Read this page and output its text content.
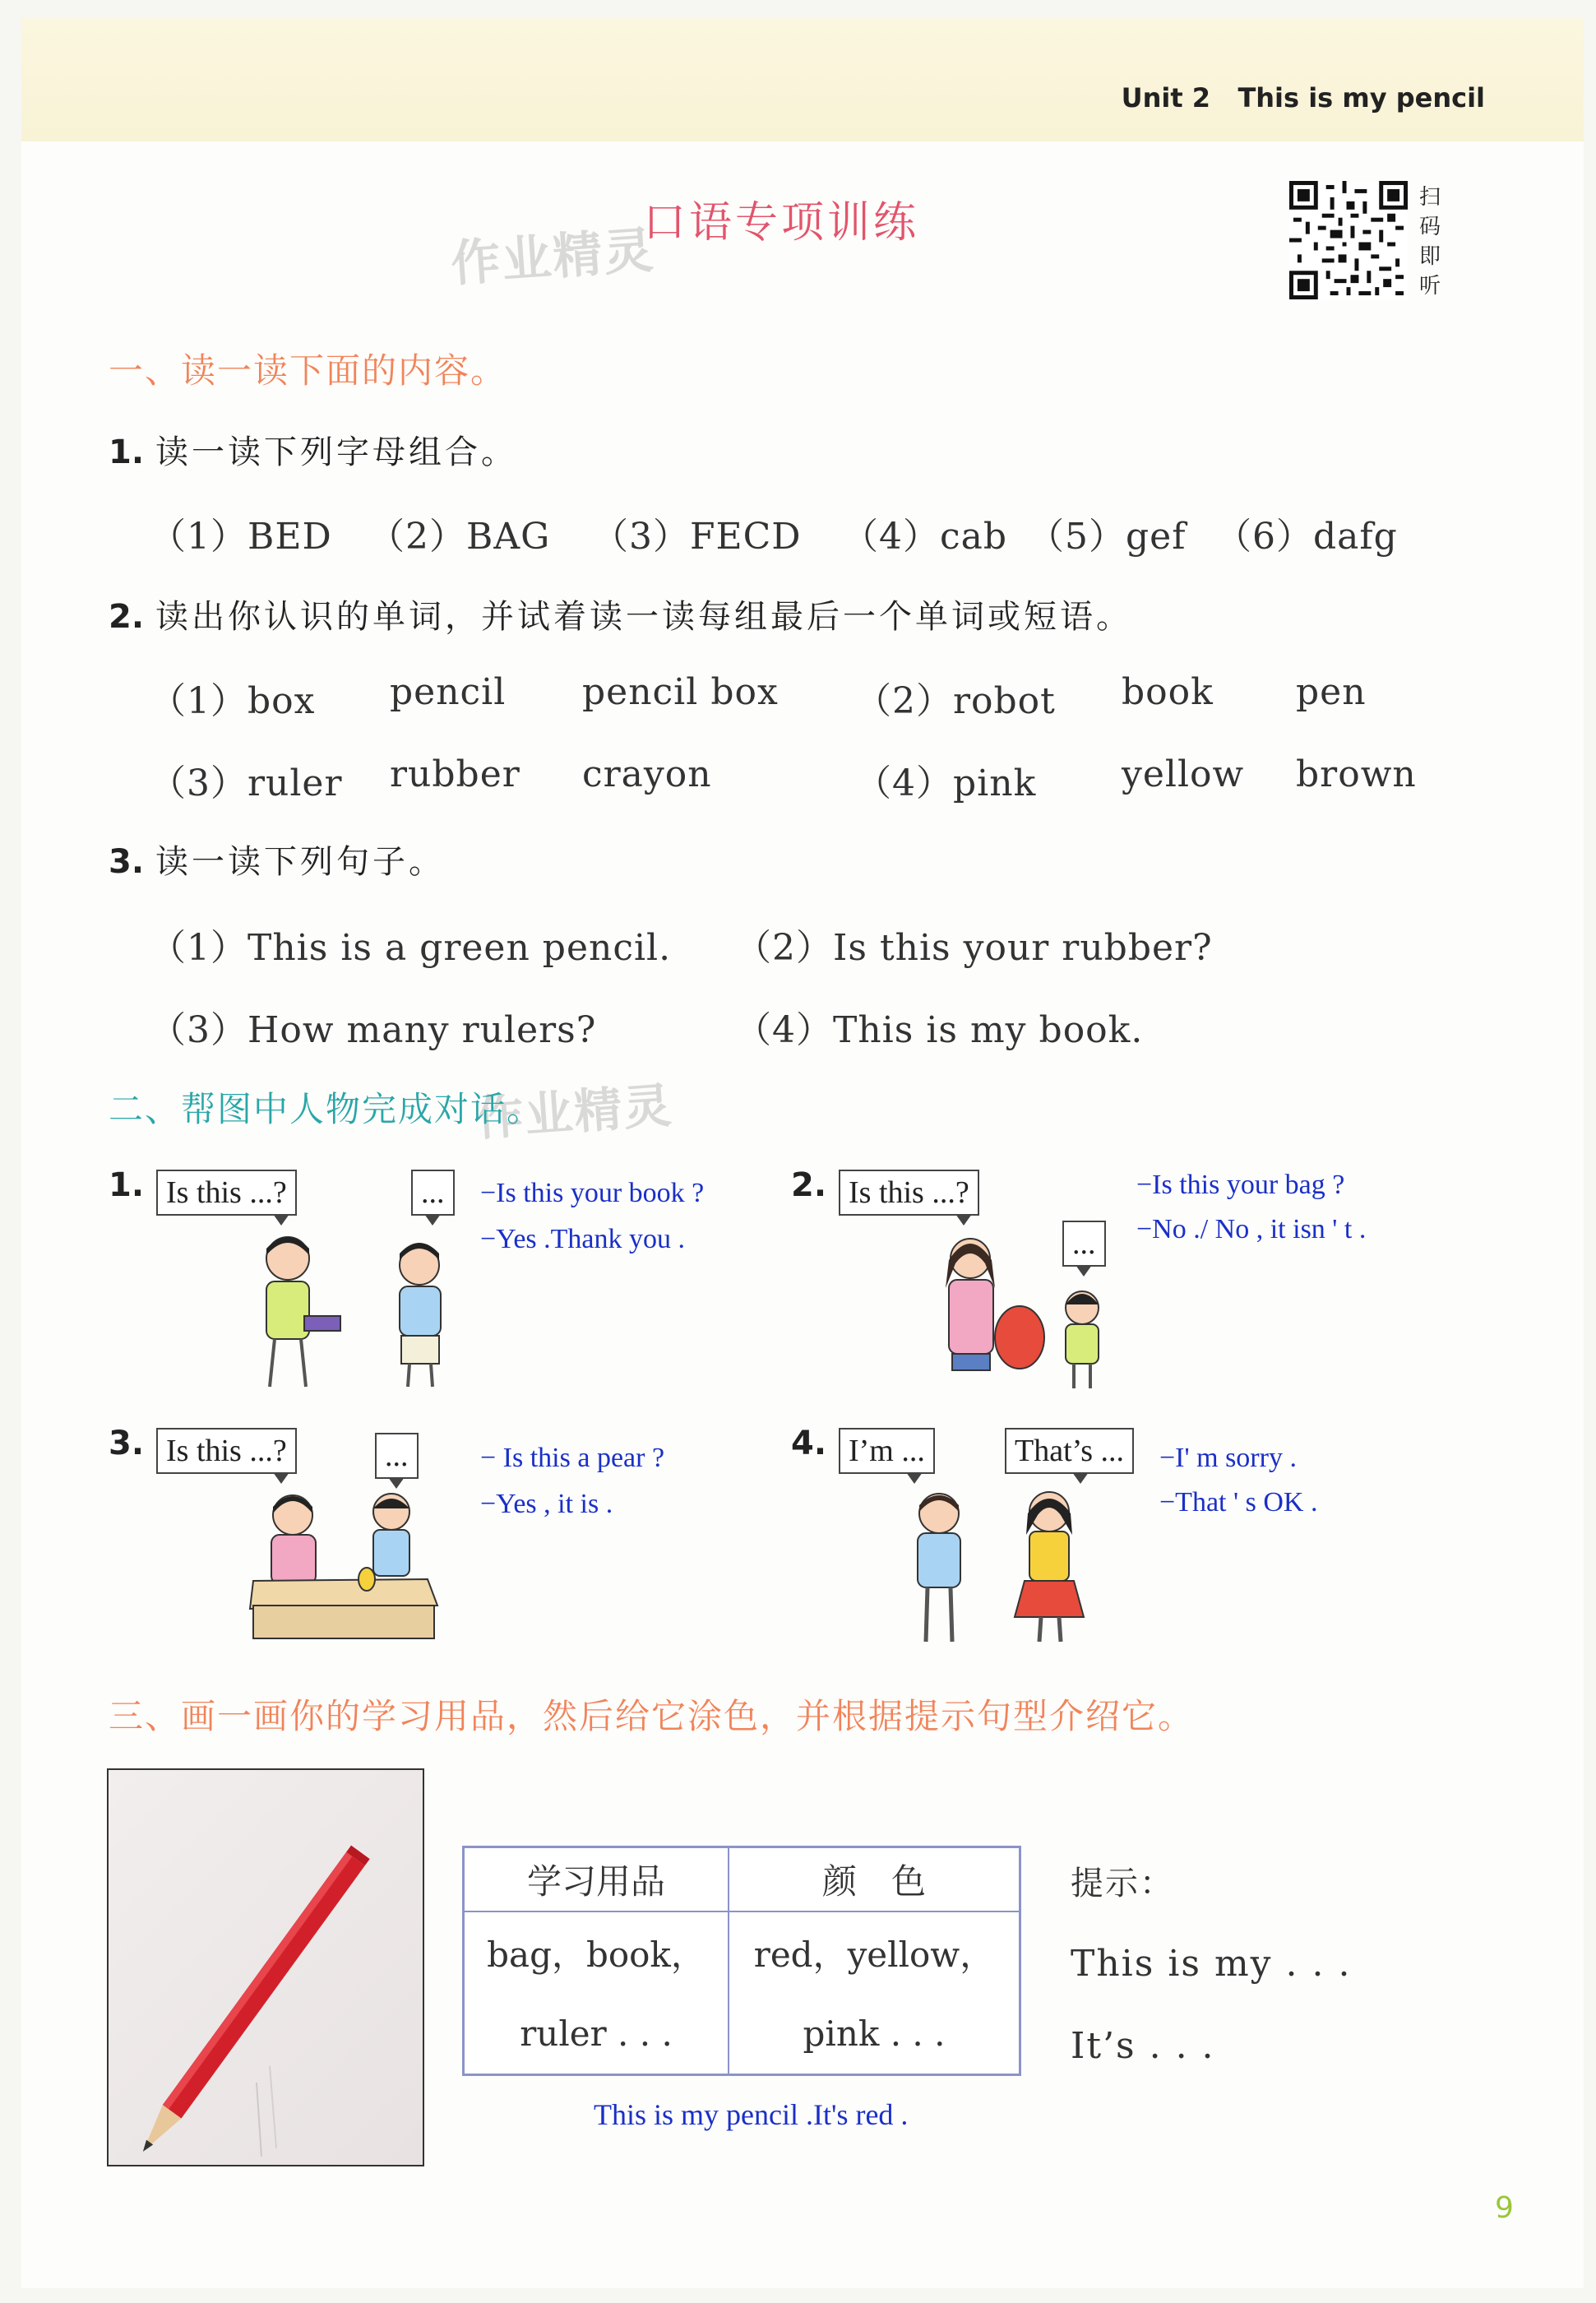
Unit 2   This is my pencil
作业精灵
作业精灵
口语专项训练
扫码即听
一、读一读下面的内容。
1. 读一读下列字母组合。
（1）BED （2）BAG （3）FECD （4）cab （5）gef （6）dafg
2. 读出你认识的单词，并试着读一读每组最后一个单词或短语。
（1）box pencil pencil box （2）robot book pen
（3）ruler rubber crayon	（4）pink yellow brown
3. 读一读下列句子。
（1）This is a green pencil. （2）Is this your rubber?
（3）How many rulers?	（4）This is my book.
二、帮图中人物完成对话。
1. Is this ...?	...	−Is this your book ?
−Yes .Thank you .
2. Is this ...?
...
−Is this your bag ?
−No ./ No , it isn ' t .
3. Is this ...?	...	− Is this a pear ?
−Yes , it is .
4. I’m ...	That’s ...	−I' m sorry .
−That ' s OK .
三、画一画你的学习用品，然后给它涂色，并根据提示句型介绍它。
学习用品	颜　色
bag，book，	red，yellow，
ruler . . .	pink . . .
提示：
This is my . . .
It’s . . .
This is my pencil .It's red .
9
